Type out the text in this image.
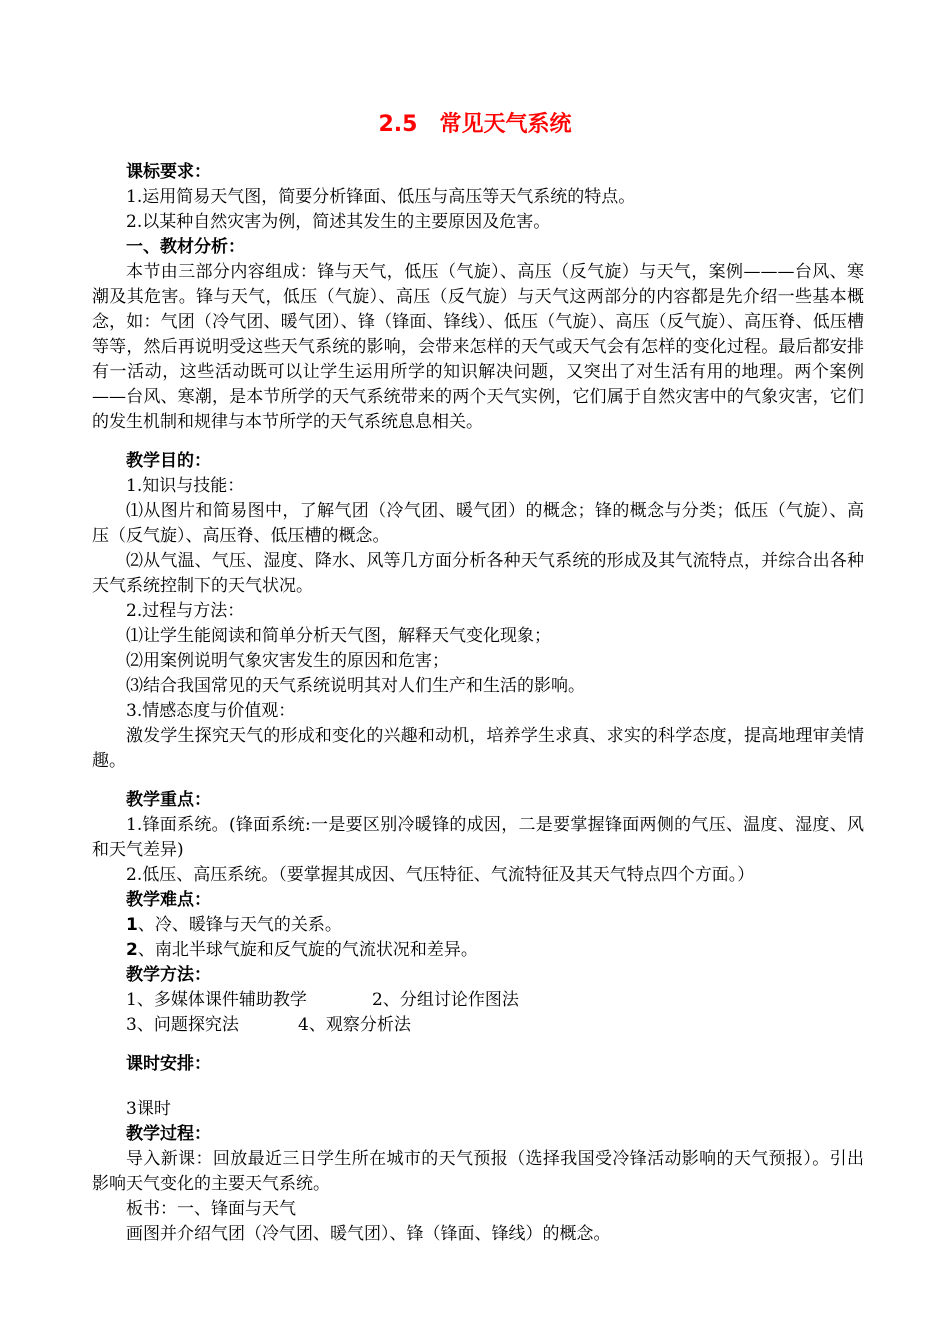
2.5 常见天气系统

课标要求：

1.运用简易天气图，简要分析锋面、低压与高压等天气系统的特点。

2.以某种自然灾害为例，简述其发生的主要原因及危害。

一、教材分析：

本节由三部分内容组成：锋与天气，低压（气旋）、高压（反气旋）与天气，案例———台风、寒潮及其危害。锋与天气，低压（气旋）、高压（反气旋）与天气这两部分的内容都是先介绍一些基本概念，如：气团（冷气团、暖气团）、锋（锋面、锋线）、低压（气旋）、高压（反气旋）、高压脊、低压槽等等，然后再说明受这些天气系统的影响，会带来怎样的天气或天气会有怎样的变化过程。最后都安排有一活动，这些活动既可以让学生运用所学的知识解决问题，又突出了对生活有用的地理。两个案例——台风、寒潮，是本节所学的天气系统带来的两个天气实例，它们属于自然灾害中的气象灾害，它们的发生机制和规律与本节所学的天气系统息息相关。

教学目的：

1.知识与技能：

⑴从图片和简易图中，了解气团（冷气团、暖气团）的概念；锋的概念与分类；低压（气旋）、高压（反气旋）、高压脊、低压槽的概念。

⑵从气温、气压、湿度、降水、风等几方面分析各种天气系统的形成及其气流特点，并综合出各种天气系统控制下的天气状况。

2.过程与方法：

⑴让学生能阅读和简单分析天气图，解释天气变化现象；

⑵用案例说明气象灾害发生的原因和危害；

⑶结合我国常见的天气系统说明其对人们生产和生活的影响。

3.情感态度与价值观：

激发学生探究天气的形成和变化的兴趣和动机，培养学生求真、求实的科学态度，提高地理审美情趣。

教学重点：

1.锋面系统。(锋面系统:一是要区别冷暖锋的成因，二是要掌握锋面两侧的气压、温度、湿度、风和天气差异)

2.低压、高压系统。（要掌握其成因、气压特征、气流特征及其天气特点四个方面。）

教学难点：

1、冷、暖锋与天气的关系。

2、南北半球气旋和反气旋的气流状况和差异。

教学方法：

1、多媒体课件辅助教学	2、分组讨论作图法

3、问题探究法	4、观察分析法

课时安排：

3课时

教学过程：

导入新课：回放最近三日学生所在城市的天气预报（选择我国受冷锋活动影响的天气预报）。引出影响天气变化的主要天气系统。

板书：一、锋面与天气

画图并介绍气团（冷气团、暖气团）、锋（锋面、锋线）的概念。
